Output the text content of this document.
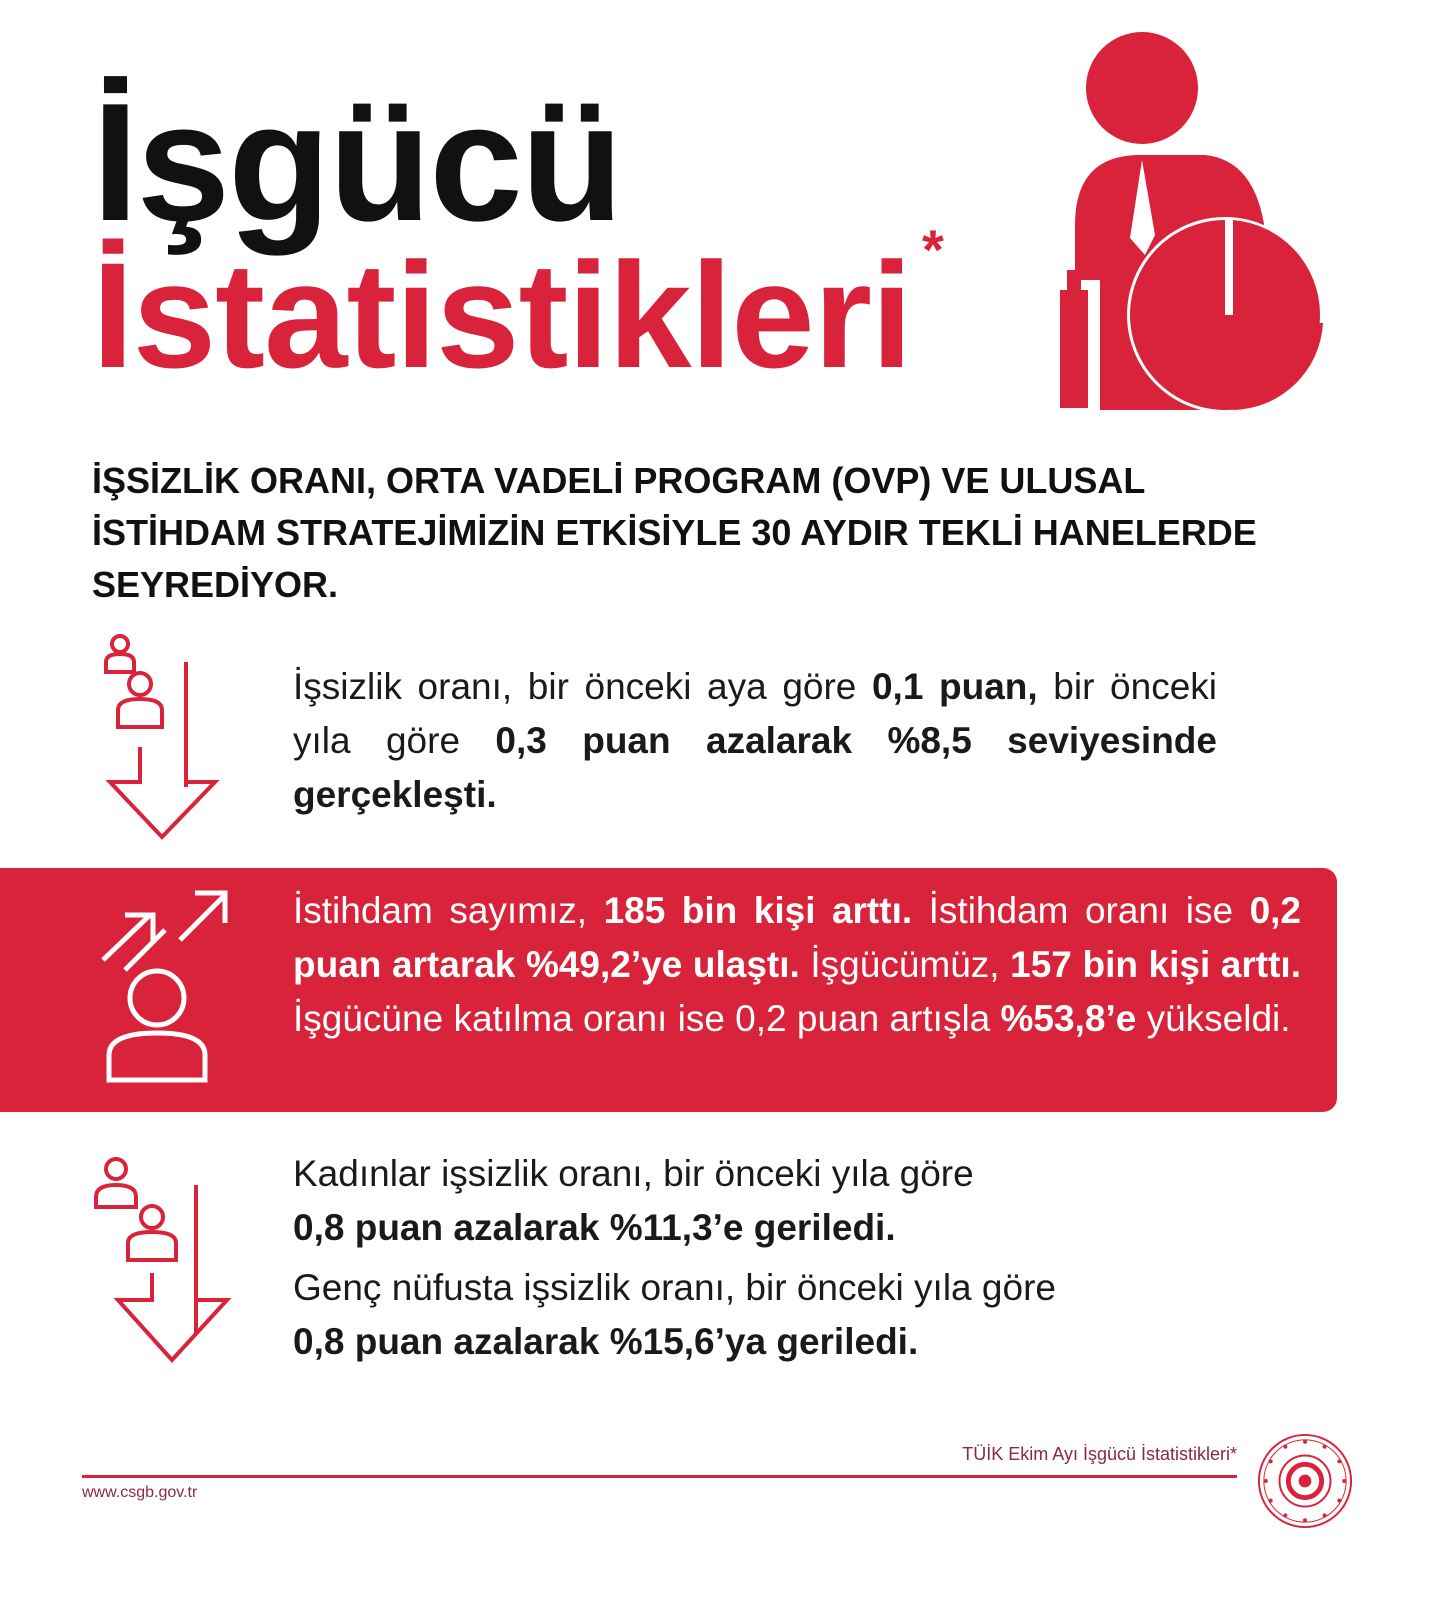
İşgücü
İstatistikleri *
İŞSİZLİK ORANI, ORTA VADELİ PROGRAM (OVP) VE ULUSAL İSTİHDAM STRATEJİMİZİN ETKİSİYLE 30 AYDIR TEKLİ HANELERDE SEYREDİYOR.
İşsizlik oranı, bir önceki aya göre 0,1 puan, bir önceki yıla göre 0,3 puan azalarak %8,5 seviyesinde gerçekleşti.
İstihdam sayımız, 185 bin kişi arttı. İstihdam oranı ise 0,2 puan artarak %49,2’ye ulaştı. İşgücümüz, 157 bin kişi arttı. İşgücüne katılma oranı ise 0,2 puan artışla %53,8’e yükseldi.
Kadınlar işsizlik oranı, bir önceki yıla göre
0,8 puan azalarak %11,3’e geriledi.
Genç nüfusta işsizlik oranı, bir önceki yıla göre
0,8 puan azalarak %15,6’ya geriledi.
TÜİK Ekim Ayı İşgücü İstatistikleri*
www.csgb.gov.tr
